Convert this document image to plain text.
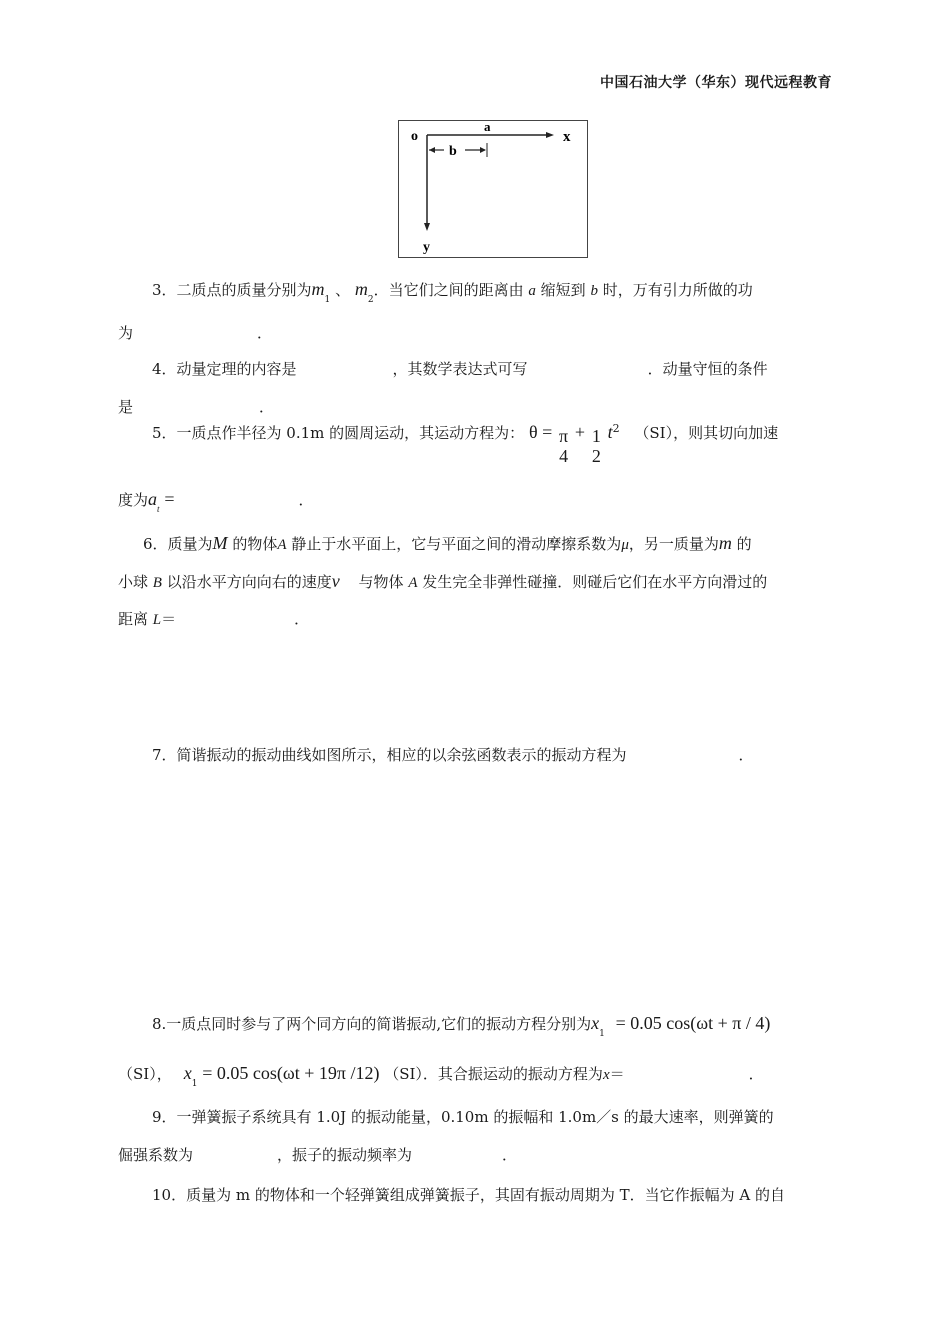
中国石油大学（华东）现代远程教育
o
a
x
y
b
3．二质点的质量分别为$m_1$ 、 $m_2$．当它们之间的距离由 a 缩短到 b 时，万有引力所做的功
为	．
4．动量定理的内容是	，其数学表达式可写	．动量守恒的条件
是	．
5．一质点作半径为 0.1m 的圆周运动，其运动方程为： θ = π
4
+ 1
2
$t^2$ （SI），则其切向加速
度为$a_t$ =	．
6．质量为M 的物体A 静止于水平面上，它与平面之间的滑动摩擦系数为μ，另一质量为m 的
小球 B 以沿水平方向向右的速度v⃗ 与物体 A 发生完全非弹性碰撞．则碰后它们在水平方向滑过的
距离 L＝	．
7．简谐振动的振动曲线如图所示，相应的以余弦函数表示的振动方程为	．
8.一质点同时参与了两个同方向的简谐振动,它们的振动方程分别为$x_1 = 0.05$ cos(ωt + π / 4)
（SI）， $x_1 = 0.05$ cos(ωt + 19π /12) （SI）．其合振运动的振动方程为x＝	．
9．一弹簧振子系统具有 1.0J 的振动能量，0.10m 的振幅和 1.0m／s 的最大速率，则弹簧的
倔强系数为	，振子的振动频率为	．
10．质量为 m 的物体和一个轻弹簧组成弹簧振子，其固有振动周期为 T．当它作振幅为 A 的自
